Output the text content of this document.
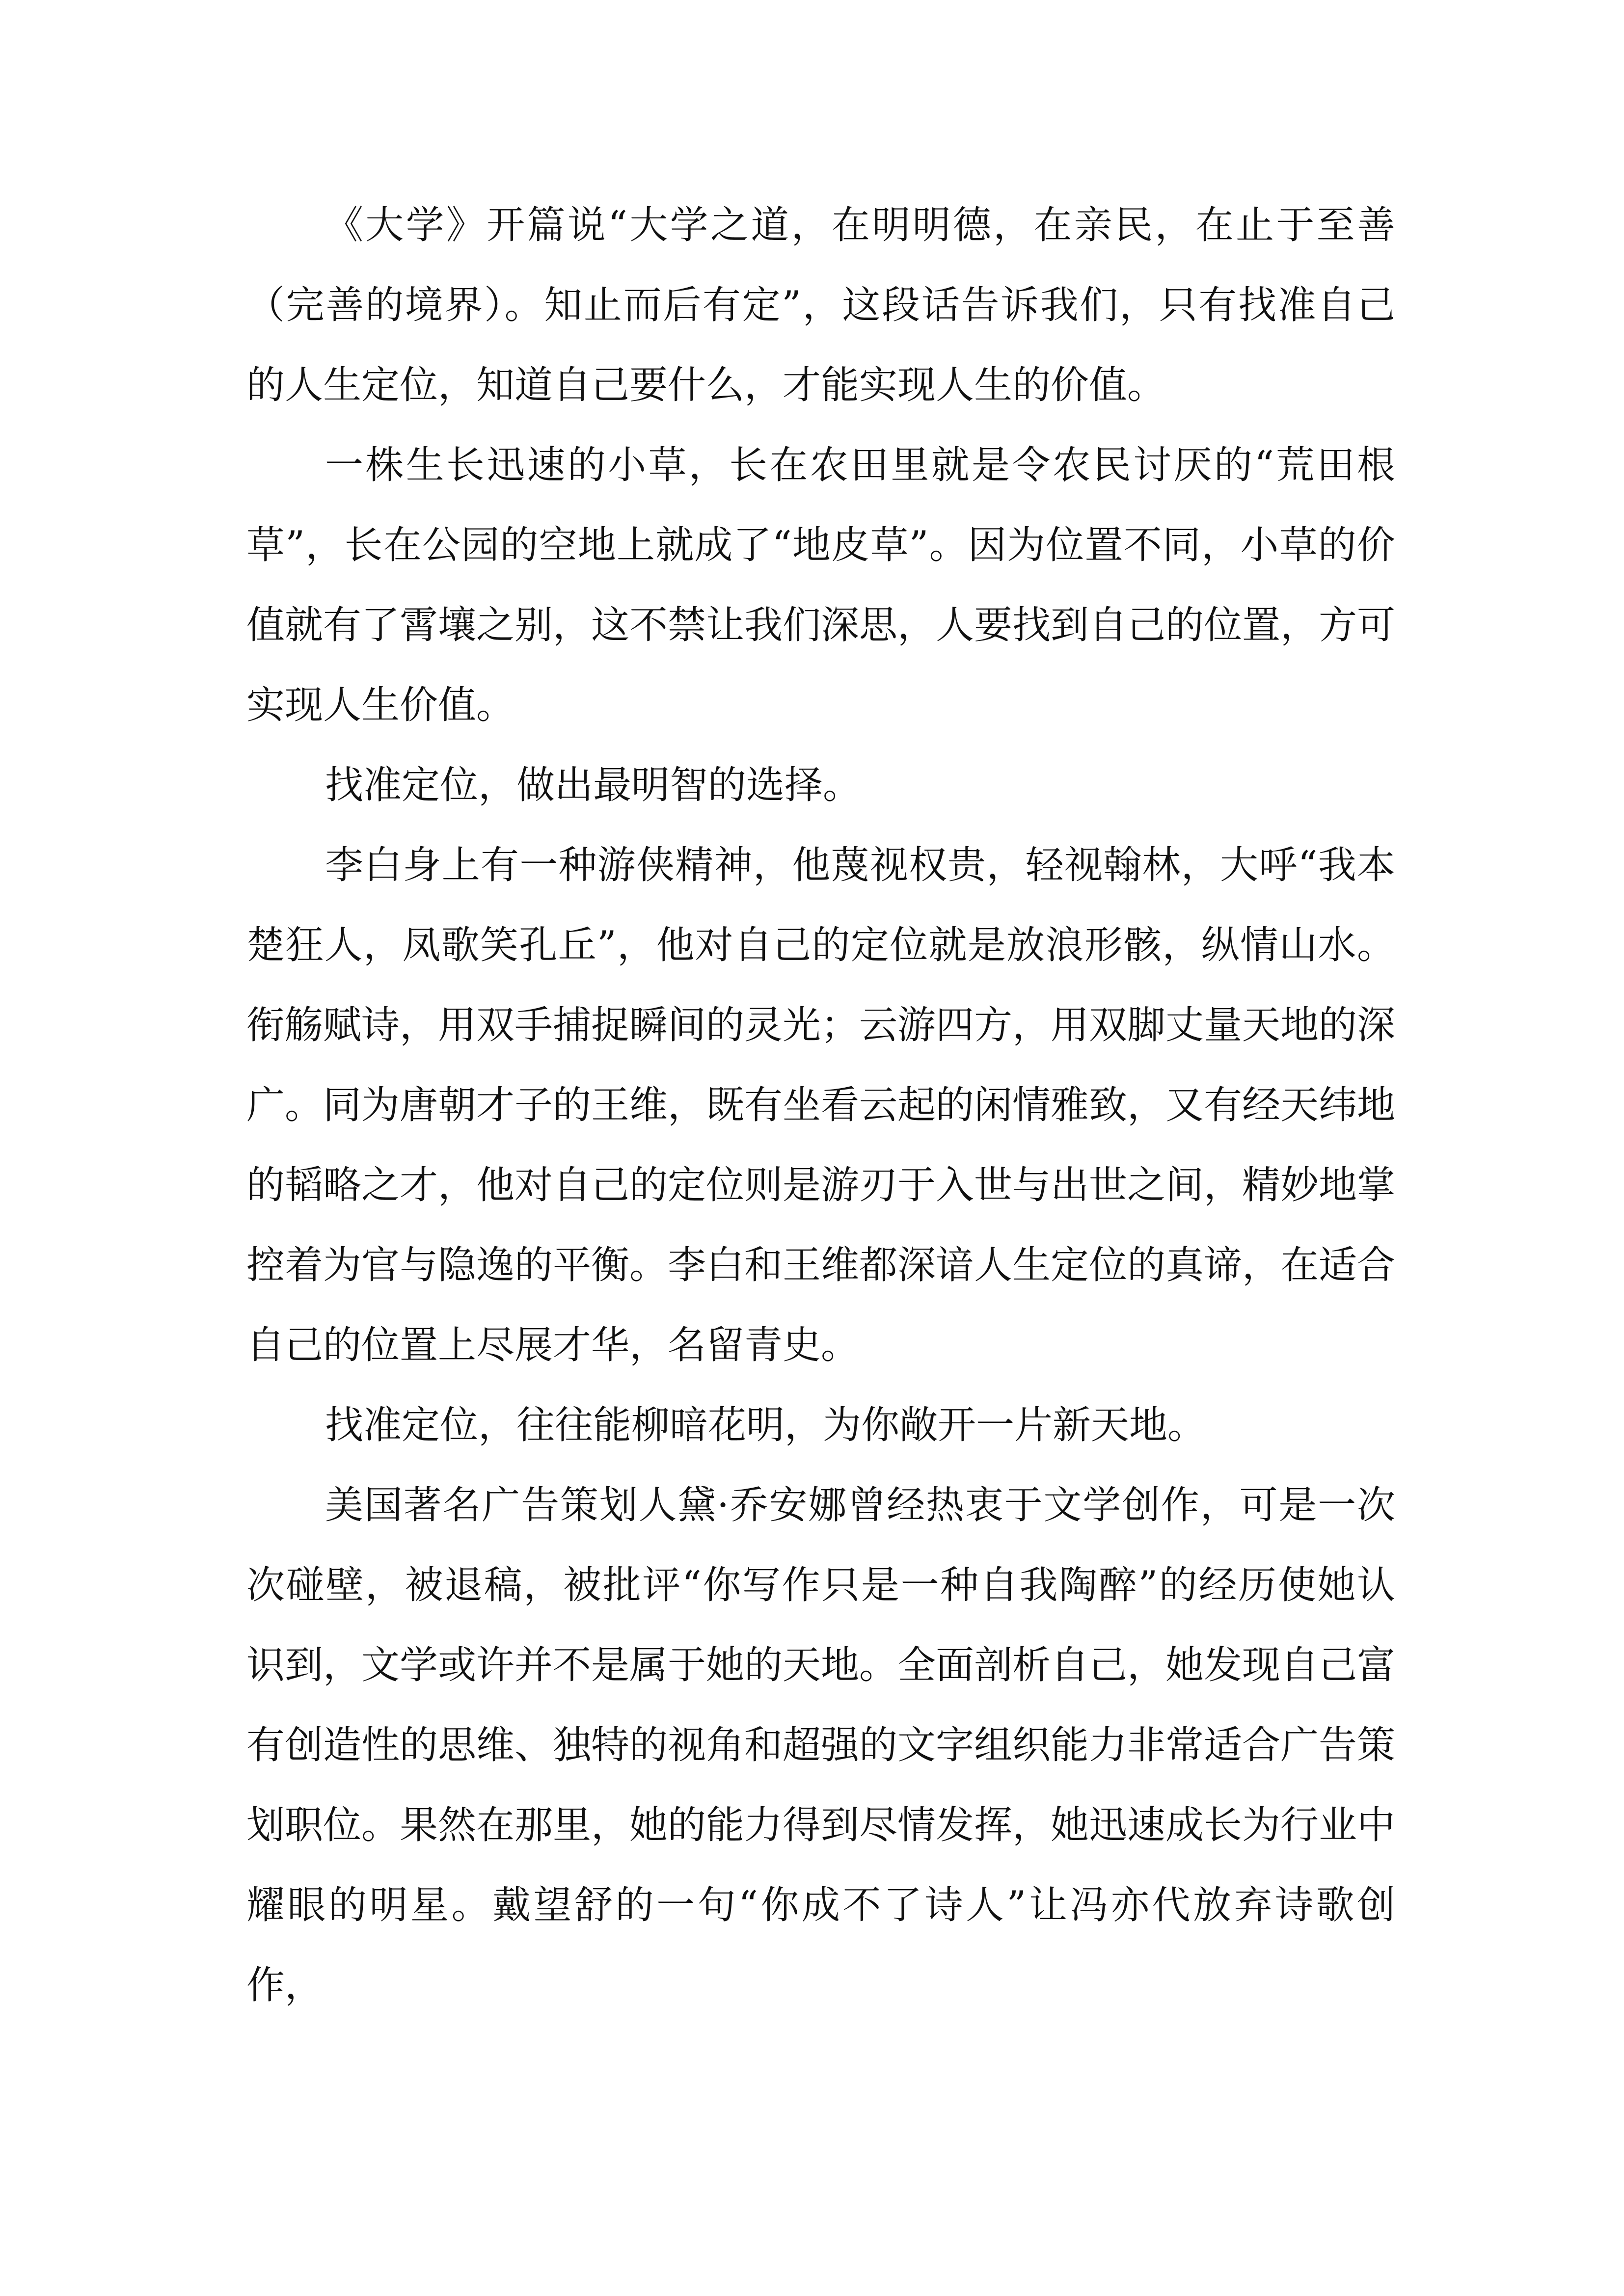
《大学》开篇说“大学之道，在明明德，在亲民，在止于至善（完善的境界）。知止而后有定”，这段话告诉我们，只有找准自己的人生定位，知道自己要什么，才能实现人生的价值。

一株生长迅速的小草，长在农田里就是令农民讨厌的“荒田根草”，长在公园的空地上就成了“地皮草”。因为位置不同，小草的价值就有了霄壤之别，这不禁让我们深思，人要找到自己的位置，方可实现人生价值。

找准定位，做出最明智的选择。

李白身上有一种游侠精神，他蔑视权贵，轻视翰林，大呼“我本楚狂人，凤歌笑孔丘”，他对自己的定位就是放浪形骸，纵情山水。衔觞赋诗，用双手捕捉瞬间的灵光；云游四方，用双脚丈量天地的深广。同为唐朝才子的王维，既有坐看云起的闲情雅致，又有经天纬地的韬略之才，他对自己的定位则是游刃于入世与出世之间，精妙地掌控着为官与隐逸的平衡。李白和王维都深谙人生定位的真谛，在适合自己的位置上尽展才华，名留青史。

找准定位，往往能柳暗花明，为你敞开一片新天地。

美国著名广告策划人黛·乔安娜曾经热衷于文学创作，可是一次次碰壁，被退稿，被批评“你写作只是一种自我陶醉”的经历使她认识到，文学或许并不是属于她的天地。全面剖析自己，她发现自己富有创造性的思维、独特的视角和超强的文字组织能力非常适合广告策划职位。果然在那里，她的能力得到尽情发挥，她迅速成长为行业中耀眼的明星。戴望舒的一句“你成不了诗人”让冯亦代放弃诗歌创作，
